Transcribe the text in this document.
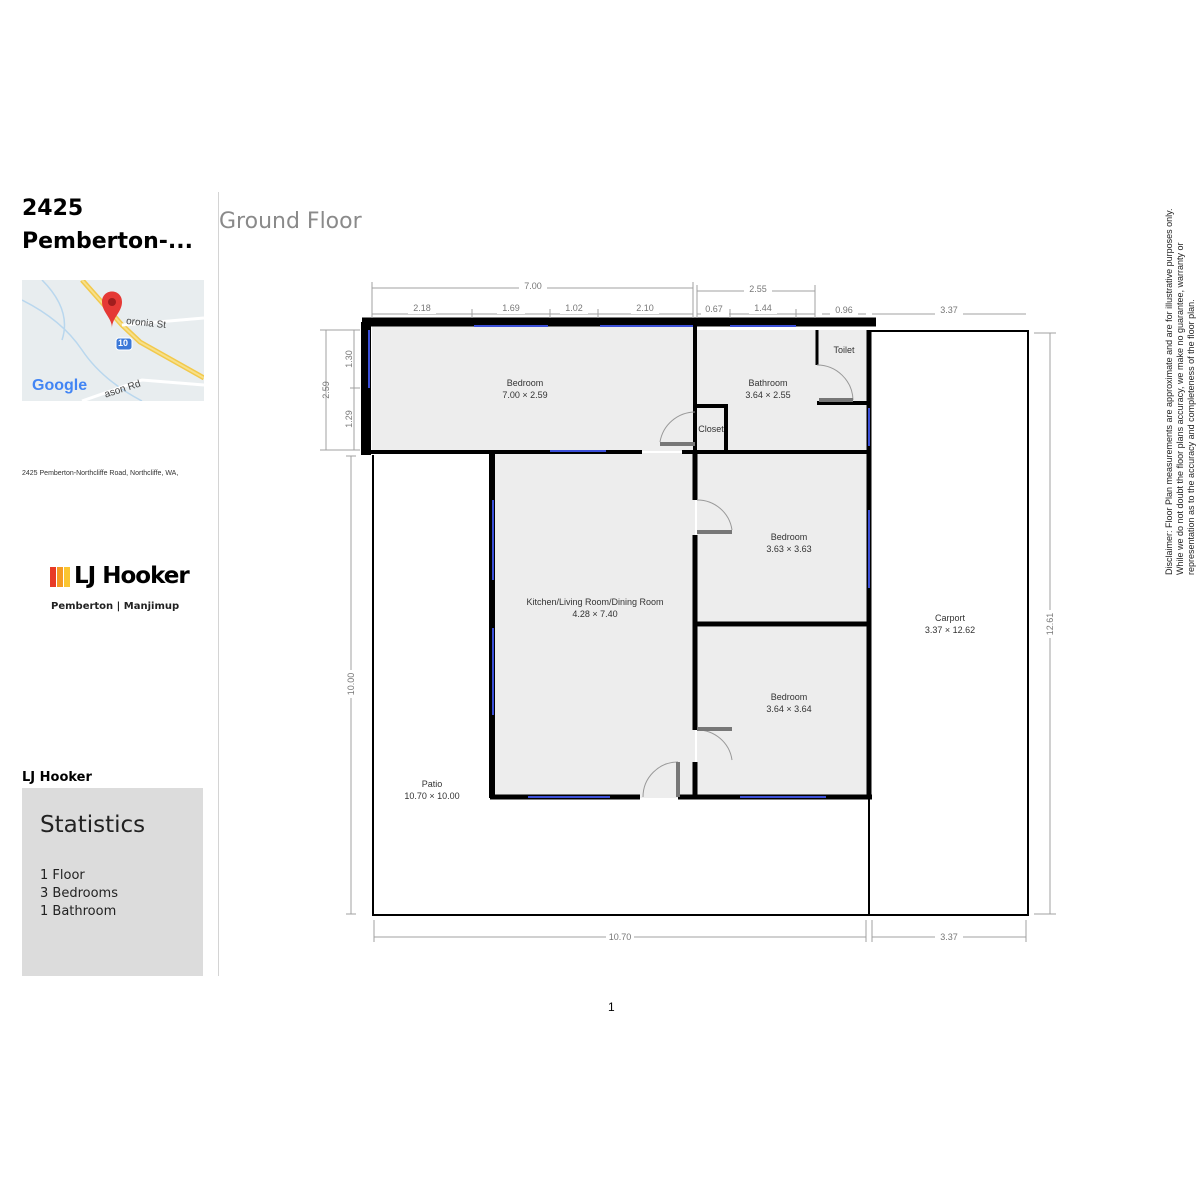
2425 Pemberton-...
oronia St
ason Rd
10
Google
2425 Pemberton-Northcliffe Road, Northcliffe, WA,
LJ Hooker
Pemberton | Manjimup
LJ Hooker
Statistics
1 Floor
3 Bedrooms
1 Bathroom
Ground Floor
7.00	2.55
2.18	1.69	1.02	2.10	0.67	1.44	0.96	3.37
2.59
1.30
1.29
10.00
12.61
10.70	3.37
Bedroom
7.00 × 2.59
Bathroom
3.64 × 2.55
Toilet
Closet
Bedroom
3.63 × 3.63
Kitchen/Living Room/Dining Room
4.28 × 7.40	Carport
3.37 × 12.62
Bedroom
3.64 × 3.64
Patio
10.70 × 10.00
1
Disclaimer: Floor Plan measurements are approximate and are for illustrative purposes only. While we do not doubt the floor plans accuracy, we make no guarantee, warranty or representation as to the accuracy and completeness of the floor plan.
